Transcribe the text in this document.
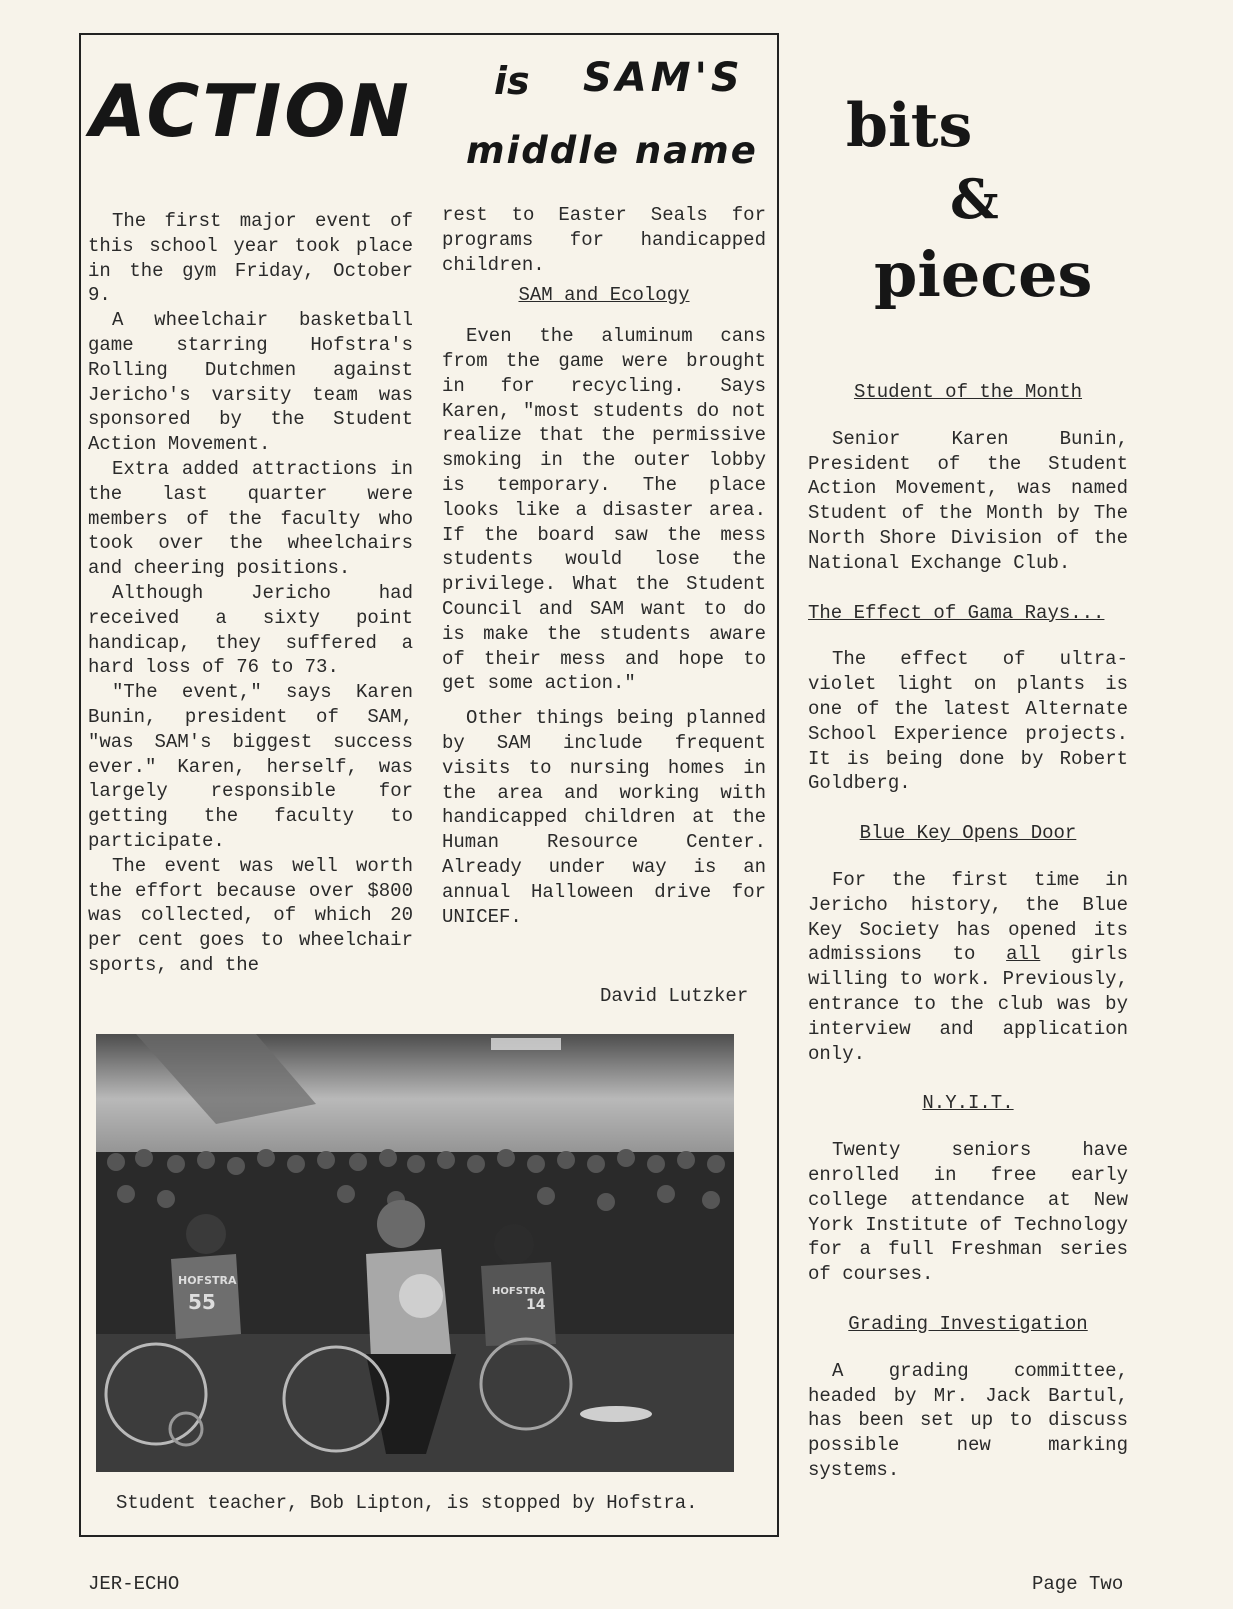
ACTION is SAM'S
middle name

The first major event of this school year took place in the gym Friday, October 9.

A wheelchair basketball game starring Hofstra's Rolling Dutchmen against Jericho's varsity team was sponsored by the Student Action Movement.

Extra added attractions in the last quarter were members of the faculty who took over the wheelchairs and cheering positions.

Although Jericho had received a sixty point handicap, they suffered a hard loss of 76 to 73.

"The event," says Karen Bunin, president of SAM, "was SAM's biggest success ever." Karen, herself, was largely responsible for getting the faculty to participate.

The event was well worth the effort because over $800 was collected, of which 20 per cent goes to wheelchair sports, and the

rest to Easter Seals for programs for handicapped children.

SAM and Ecology

Even the aluminum cans from the game were brought in for recycling. Says Karen, "most students do not realize that the permissive smoking in the outer lobby is temporary. The place looks like a disaster area. If the board saw the mess students would lose the privilege. What the Student Council and SAM want to do is make the students aware of their mess and hope to get some action."

Other things being planned by SAM include frequent visits to nursing homes in the area and working with handicapped children at the Human Resource Center. Already under way is an annual Halloween drive for UNICEF.

David Lutzker
HOFSTRA
55	HOFSTRA
14
Student teacher, Bob Lipton, is stopped by Hofstra.
bits
&
pieces
Student of the Month

Senior Karen Bunin, President of the Student Action Movement, was named Student of the Month by The North Shore Division of the National Exchange Club.

The Effect of Gama Rays...

The effect of ultra-violet light on plants is one of the latest Alternate School Experience projects. It is being done by Robert Goldberg.

Blue Key Opens Door

For the first time in Jericho history, the Blue Key Society has opened its admissions to all girls willing to work. Previously, entrance to the club was by interview and application only.

N.Y.I.T.

Twenty seniors have enrolled in free early college attendance at New York Institute of Technology for a full Freshman series of courses.

Grading Investigation

A grading committee, headed by Mr. Jack Bartul, has been set up to discuss possible new marking systems.

JER-ECHO	Page Two
